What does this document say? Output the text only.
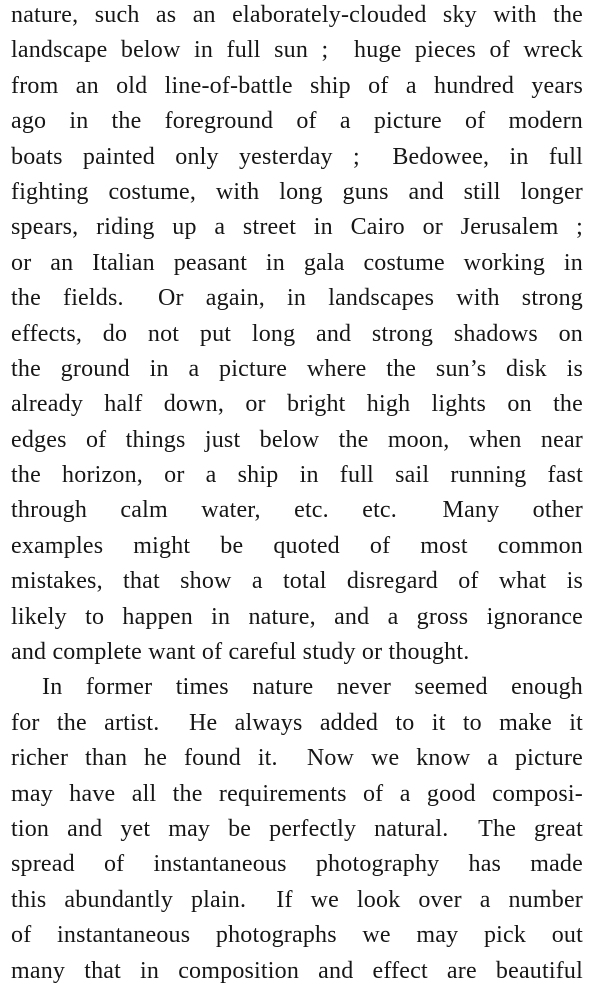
nature, such as an elaborately-clouded sky with the
landscape below in full sun ;  huge pieces of wreck
from an old line-of-battle ship of a hundred years
ago in the foreground of a picture of modern
boats painted only yesterday ;  Bedowee, in full
fighting costume, with long guns and still longer
spears, riding up a street in Cairo or Jerusalem ;
or an Italian peasant in gala costume working in
the fields.  Or again, in landscapes with strong
effects, do not put long and strong shadows on
the ground in a picture where the sun’s disk is
already half down, or bright high lights on the
edges of things just below the moon, when near
the horizon, or a ship in full sail running fast
through calm water, etc. etc.  Many other
examples might be quoted of most common
mistakes, that show a total disregard of what is
likely to happen in nature, and a gross ignorance
and complete want of careful study or thought.
In former times nature never seemed enough
for the artist.  He always added to it to make it
richer than he found it.  Now we know a picture
may have all the requirements of a good composi-
tion and yet may be perfectly natural.  The great
spread of instantaneous photography has made
this abundantly plain.  If we look over a number
of instantaneous photographs we may pick out
many that in composition and effect are beautiful
